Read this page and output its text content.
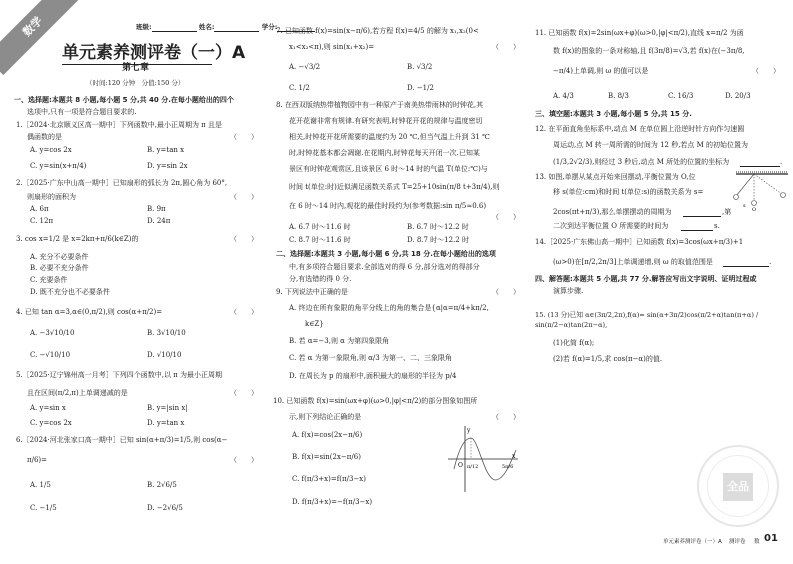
数学	班级:	姓名:	学分:
单元素养测评卷（一）A
第七章
（时间:120 分钟　分值:150 分）
一、选择题:本题共 8 小题,每小题 5 分,共 40 分.在每小题给出的四个
选项中,只有一项是符合题目要求的.
1.［2024·北京顺义区高一期中］下列函数中,最小正周期为 π 且是
偶函数的是	（　　）
A. y=cos 2x	B. y=tan x
C. y=sin(x+π/4)	D. y=sin 2x
2.［2025·广东中山高一期中］已知扇形的弧长为 2π,圆心角为 60°,
则扇形的面积为	（　　）
A. 6π	B. 9π
C. 12π	D. 24π
3. cos x=1/2 是 x=2kπ+π/6(k∈Z)的	（　　）
A. 充分不必要条件
B. 必要不充分条件
C. 充要条件
D. 既不充分也不必要条件
4. 已知 tan α=3,α∈(0,π/2),则 cos(α+π/2)=	（　　）
A. −3√10/10	B. 3√10/10
C. −√10/10	D. √10/10
5.［2025·辽宁锦州高一月考］下列四个函数中,以 π 为最小正周期
且在区间(π/2,π)上单调递减的是	（　　）
A. y=sin x	B. y=|sin x|
C. y=cos 2x	D. y=tan x
6.［2024·河北张家口高一期中］已知 sin(α+π/3)=1/5,则 cos(α−
π/6)=	（　　）
A. 1/5	B. 2√6/5
C. −1/5	D. −2√6/5
7. 已知函数 f(x)=sin(x−π/6),若方程 f(x)=4/5 的解为 x₁,x₂(0<
x₁<x₂<π),则 sin(x₁+x₂)=	（　　）
A. −√3/2	B. √3/2
C. 1/2	D. −1/2
8. 在西双版纳热带植物园中有一种原产于南美热带雨林的时钟花,其
花开花谢非常有规律.有研究表明,时钟花开花的规律与温度密切
相关,时钟花开花所需要的温度约为 20 ℃,但当气温上升到 31 ℃
时,时钟花基本都会凋谢.在花期内,时钟花每天开闭一次.已知某
景区有时钟花观赏区,且该景区 6 时～14 时的气温 T(单位:℃)与
时间 t(单位:时)近似满足函数关系式 T=25+10sin(π/8 t+3π/4),则
在 6 时～14 时内,观花的最佳时段约为(参考数据:sin π/5≈0.6)
（　　）
A. 6.7 时～11.6 时	B. 6.7 时～12.2 时
C. 8.7 时～11.6 时	D. 8.7 时～12.2 时
二、选择题:本题共 3 小题,每小题 6 分,共 18 分.在每小题给出的选项
中,有多项符合题目要求.全部选对的得 6 分,部分选对的得部分
分,有选错的得 0 分.
9. 下列说法中正确的是	（　　）
A. 终边在所有象限的角平分线上的角的集合是{α|α=π/4+kπ/2,
k∈Z}
B. 若 α=−3,则 α 为第四象限角
C. 若 α 为第一象限角,则 α/3 为第一、二、三象限角
D. 在周长为 p 的扇形中,面积最大的扇形的半径为 p/4
10. 已知函数 f(x)=sin(ωx+φ)(ω>0,|φ|<π/2)的部分图象如图所
示,则下列结论正确的是	（　　）
A. f(x)=cos(2x−π/6)
B. f(x)=sin(2x−π/6)
C. f(π/3+x)=f(π/3−x)
D. f(π/3+x)=−f(π/3−x)
y
x
O π/12	5π/6
11. 已知函数 f(x)=2sin(ωx+φ)(ω>0,|φ|<π/2),直线 x=π/2 为函
数 f(x)的图象的一条对称轴,且 f(3π/8)=√3,若 f(x)在(−3π/8,
−π/4)上单调,则 ω 的值可以是	（　　）
A. 4/3	B. 8/3	C. 16/3	D. 20/3
三、填空题:本题共 3 小题,每小题 5 分,共 15 分.
12. 在平面直角坐标系中,动点 M 在单位圆上沿逆时针方向作匀速圆
周运动,点 M 转一周所需的时间为 12 秒,若点 M 的初始位置为
(1/3,2√2/3),则经过 3 秒后,动点 M 所处的位置的坐标为	.
13. 如图,单摆从某点开始来回摆动,平衡位置为 O,位
移 s(单位:cm)和时间 t(单位:s)的函数关系为 s=
2cos(πt+π/3),那么单摆摆动的周期为	,第
二次到达平衡位置 O 所需要的时间为	s.
s
O
14.［2025·广东佛山高一期中］已知函数 f(x)=3cos(ωx+π/3)+1
(ω>0)在[π/2,2π/3]上单调递增,则 ω 的取值范围是	.
四、解答题:本题共 5 小题,共 77 分.解答应写出文字说明、证明过程或
演算步骤.
15. (13 分)已知 α∈(3π/2,2π),f(α)= sin(α+3π/2)cos(π/2+α)tan(π+α) / sin(π/2−α)tan(2π−α),
(1)化简 f(α);
(2)若 f(α)=1/5,求 cos(π−α)的值.
全品
单元素养测评卷（一）A 测评卷 数 01
